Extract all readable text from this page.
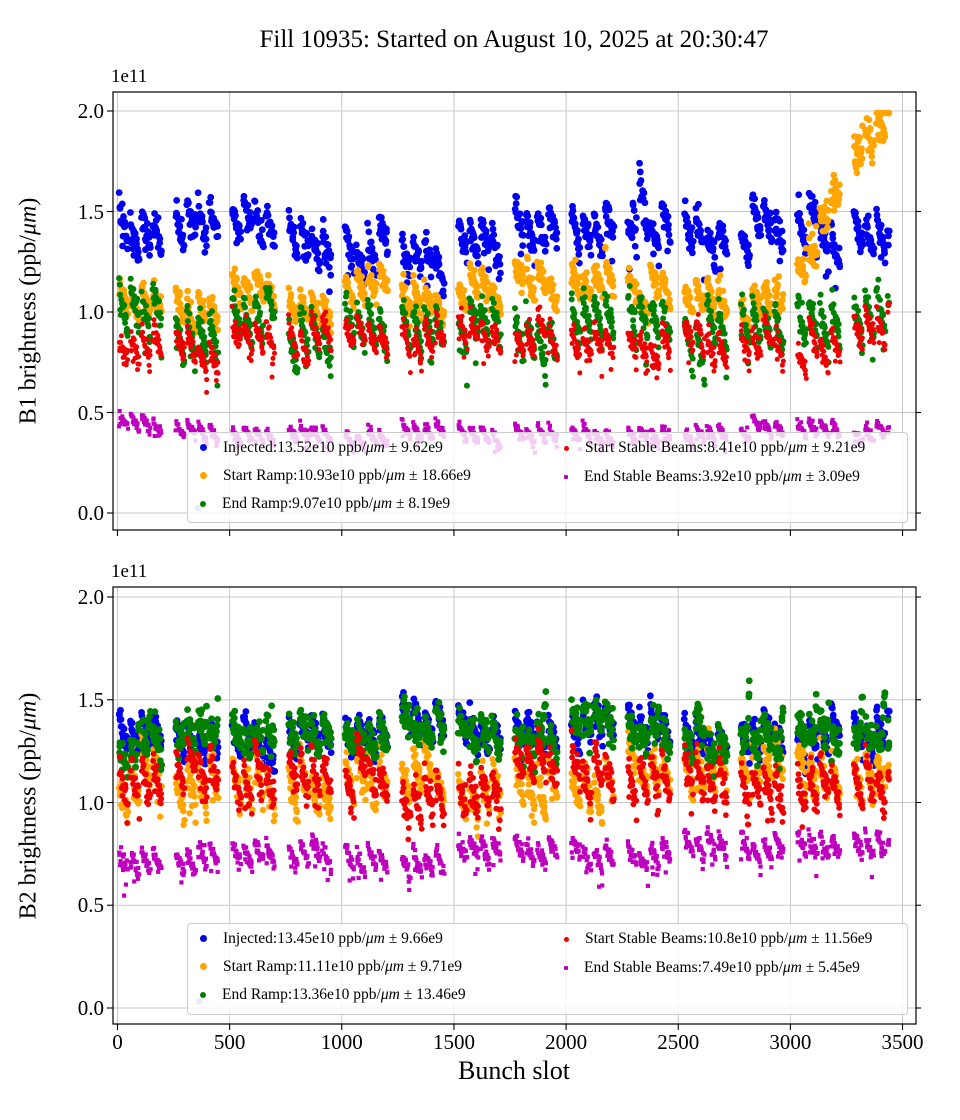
Fill 10935: Started on August 10, 2025 at 20:30:47
1e11
1e11
B1 brightness (ppb/μm)
B2 brightness (ppb/μm)
0.0
0.5
1.0
1.5
2.0
0.0
0.5
1.0
1.5
2.0
0	500	1000	1500	2000	2500	3000	3500
Bunch slot
Injected:13.52e10 ppb/μm ± 9.62e9
Start Ramp:10.93e10 ppb/μm ± 18.66e9
End Ramp:9.07e10 ppb/μm ± 8.19e9
Start Stable Beams:8.41e10 ppb/μm ± 9.21e9
End Stable Beams:3.92e10 ppb/μm ± 3.09e9
Injected:13.45e10 ppb/μm ± 9.66e9
Start Ramp:11.11e10 ppb/μm ± 9.71e9
End Ramp:13.36e10 ppb/μm ± 13.46e9
Start Stable Beams:10.8e10 ppb/μm ± 11.56e9
End Stable Beams:7.49e10 ppb/μm ± 5.45e9
